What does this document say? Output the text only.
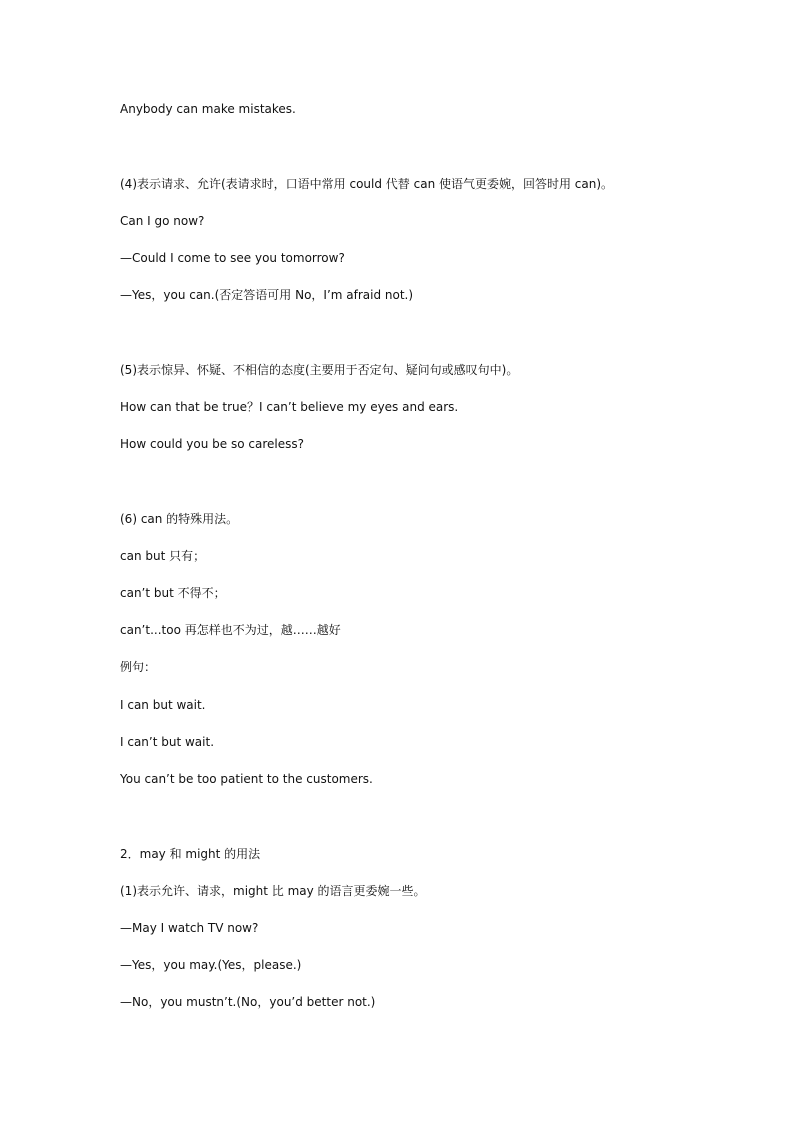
Anybody can make mistakes.
(4)表示请求、允许(表请求时，口语中常用 could 代替 can 使语气更委婉，回答时用 can)。
Can I go now?
—Could I come to see you tomorrow?
—Yes，you can.(否定答语可用 No，I’m afraid not.)
(5)表示惊异、怀疑、不相信的态度(主要用于否定句、疑问句或感叹句中)。
How can that be true？I can’t believe my eyes and ears.
How could you be so careless?
(6) can 的特殊用法。
can but 只有；
can’t but 不得不；
can’t...too 再怎样也不为过，越……越好
例句：
I can but wait.
I can’t but wait.
You can’t be too patient to the customers.
2．may 和 might 的用法
(1)表示允许、请求，might 比 may 的语言更委婉一些。
—May I watch TV now?
—Yes，you may.(Yes，please.)
—No，you mustn’t.(No，you’d better not.)
